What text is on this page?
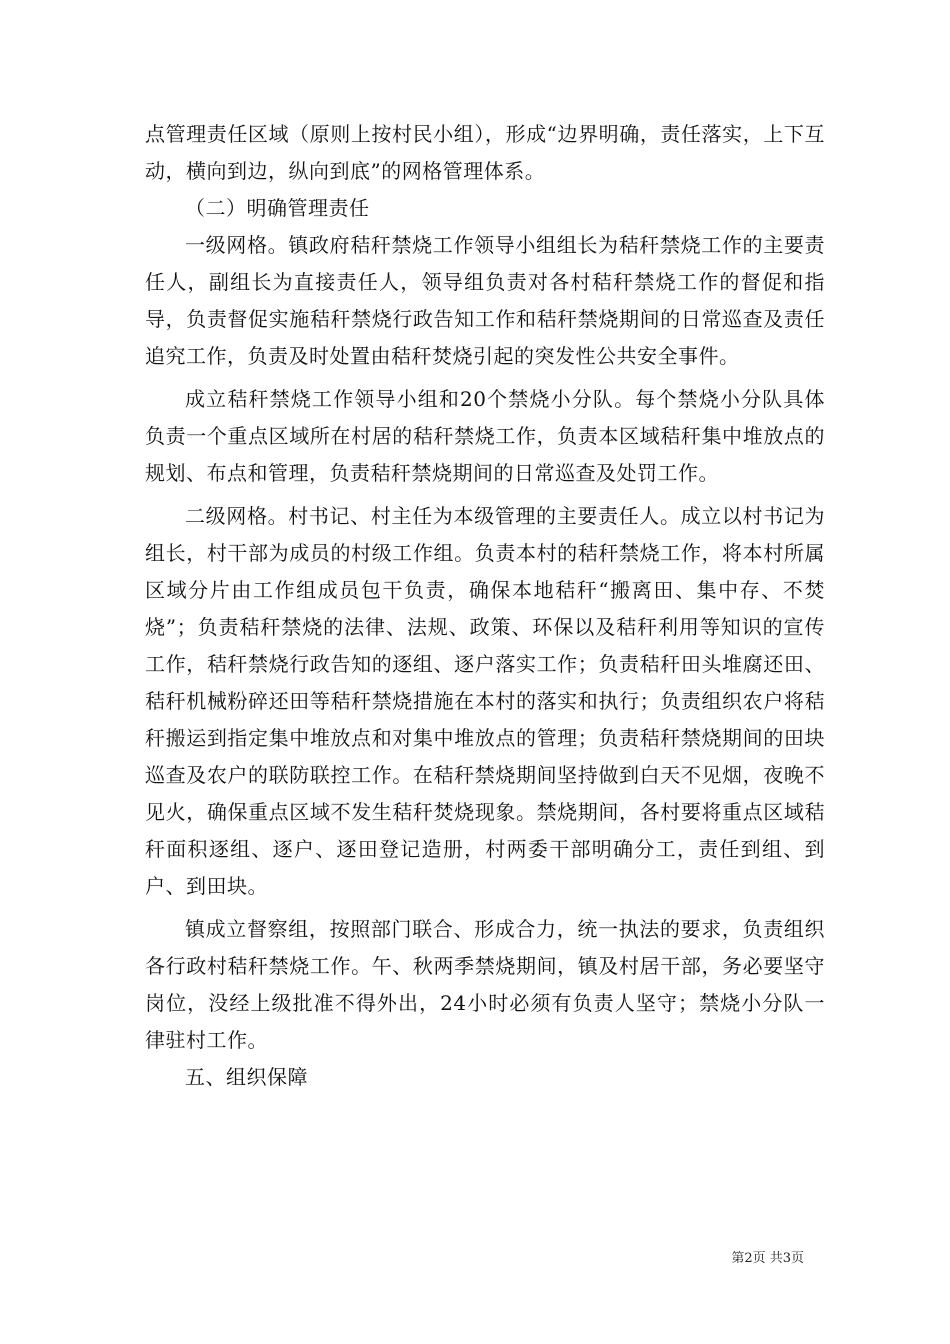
点管理责任区域（原则上按村民小组），形成“边界明确，责任落实，上下互动，横向到边，纵向到底”的网格管理体系。

（二）明确管理责任

一级网格。镇政府秸秆禁烧工作领导小组组长为秸秆禁烧工作的主要责任人，副组长为直接责任人，领导组负责对各村秸秆禁烧工作的督促和指导，负责督促实施秸秆禁烧行政告知工作和秸秆禁烧期间的日常巡查及责任追究工作，负责及时处置由秸秆焚烧引起的突发性公共安全事件。

成立秸秆禁烧工作领导小组和20个禁烧小分队。每个禁烧小分队具体负责一个重点区域所在村居的秸秆禁烧工作，负责本区域秸秆集中堆放点的规划、布点和管理，负责秸秆禁烧期间的日常巡查及处罚工作。

二级网格。村书记、村主任为本级管理的主要责任人。成立以村书记为组长，村干部为成员的村级工作组。负责本村的秸秆禁烧工作，将本村所属区域分片由工作组成员包干负责，确保本地秸秆“搬离田、集中存、不焚烧”；负责秸秆禁烧的法律、法规、政策、环保以及秸秆利用等知识的宣传工作，秸秆禁烧行政告知的逐组、逐户落实工作；负责秸秆田头堆腐还田、秸秆机械粉碎还田等秸秆禁烧措施在本村的落实和执行；负责组织农户将秸秆搬运到指定集中堆放点和对集中堆放点的管理；负责秸秆禁烧期间的田块巡查及农户的联防联控工作。在秸秆禁烧期间坚持做到白天不见烟，夜晚不见火，确保重点区域不发生秸秆焚烧现象。禁烧期间，各村要将重点区域秸秆面积逐组、逐户、逐田登记造册，村两委干部明确分工，责任到组、到户、到田块。

镇成立督察组，按照部门联合、形成合力，统一执法的要求，负责组织各行政村秸秆禁烧工作。午、秋两季禁烧期间，镇及村居干部，务必要坚守岗位，没经上级批准不得外出，24小时必须有负责人坚守；禁烧小分队一律驻村工作。

五、组织保障

第2页 共3页
